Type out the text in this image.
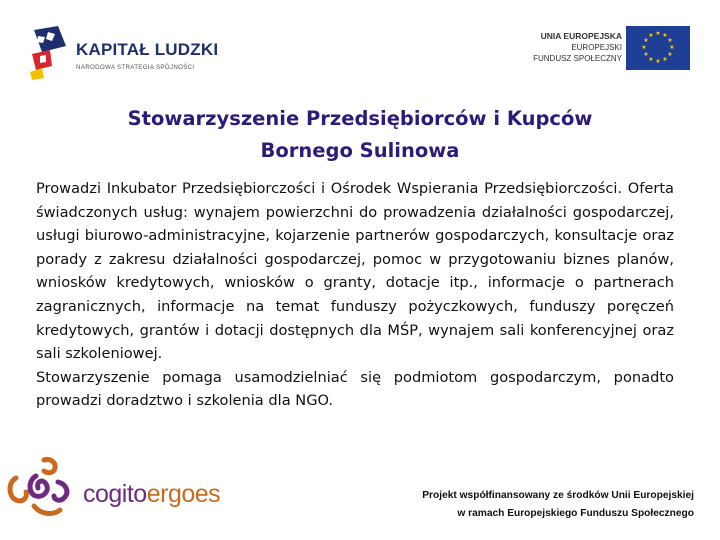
KAPITAŁ LUDZKI
NARODOWA STRATEGIA SPÓJNOŚCI
UNIA EUROPEJSKA
EUROPEJSKI
FUNDUSZ SPOŁECZNY
★ ★
★
★
★
★
★
★
★
★
★
★
Stowarzyszenie Przedsiębiorców i Kupców
Bornego Sulinowa

Prowadzi Inkubator Przedsiębiorczości i Ośrodek Wspierania Przedsiębiorczości. Oferta świadczonych usług: wynajem powierzchni do prowadzenia działalności gospodarczej, usługi biurowo-administracyjne, kojarzenie partnerów gospodarczych, konsultacje oraz porady z zakresu działalności gospodarczej, pomoc w przygotowaniu biznes planów, wniosków kredytowych, wniosków o granty, dotacje itp., informacje o partnerach zagranicznych, informacje na temat funduszy pożyczkowych, funduszy poręczeń kredytowych, grantów i dotacji dostępnych dla MŚP, wynajem sali konferencyjnej oraz sali szkoleniowej.

Stowarzyszenie pomaga usamodzielniać się podmiotom gospodarczym, ponadto prowadzi doradztwo i szkolenia dla NGO.

cogitoergoes	Projekt współfinansowany ze środków Unii Europejskiej
w ramach Europejskiego Funduszu Społecznego
